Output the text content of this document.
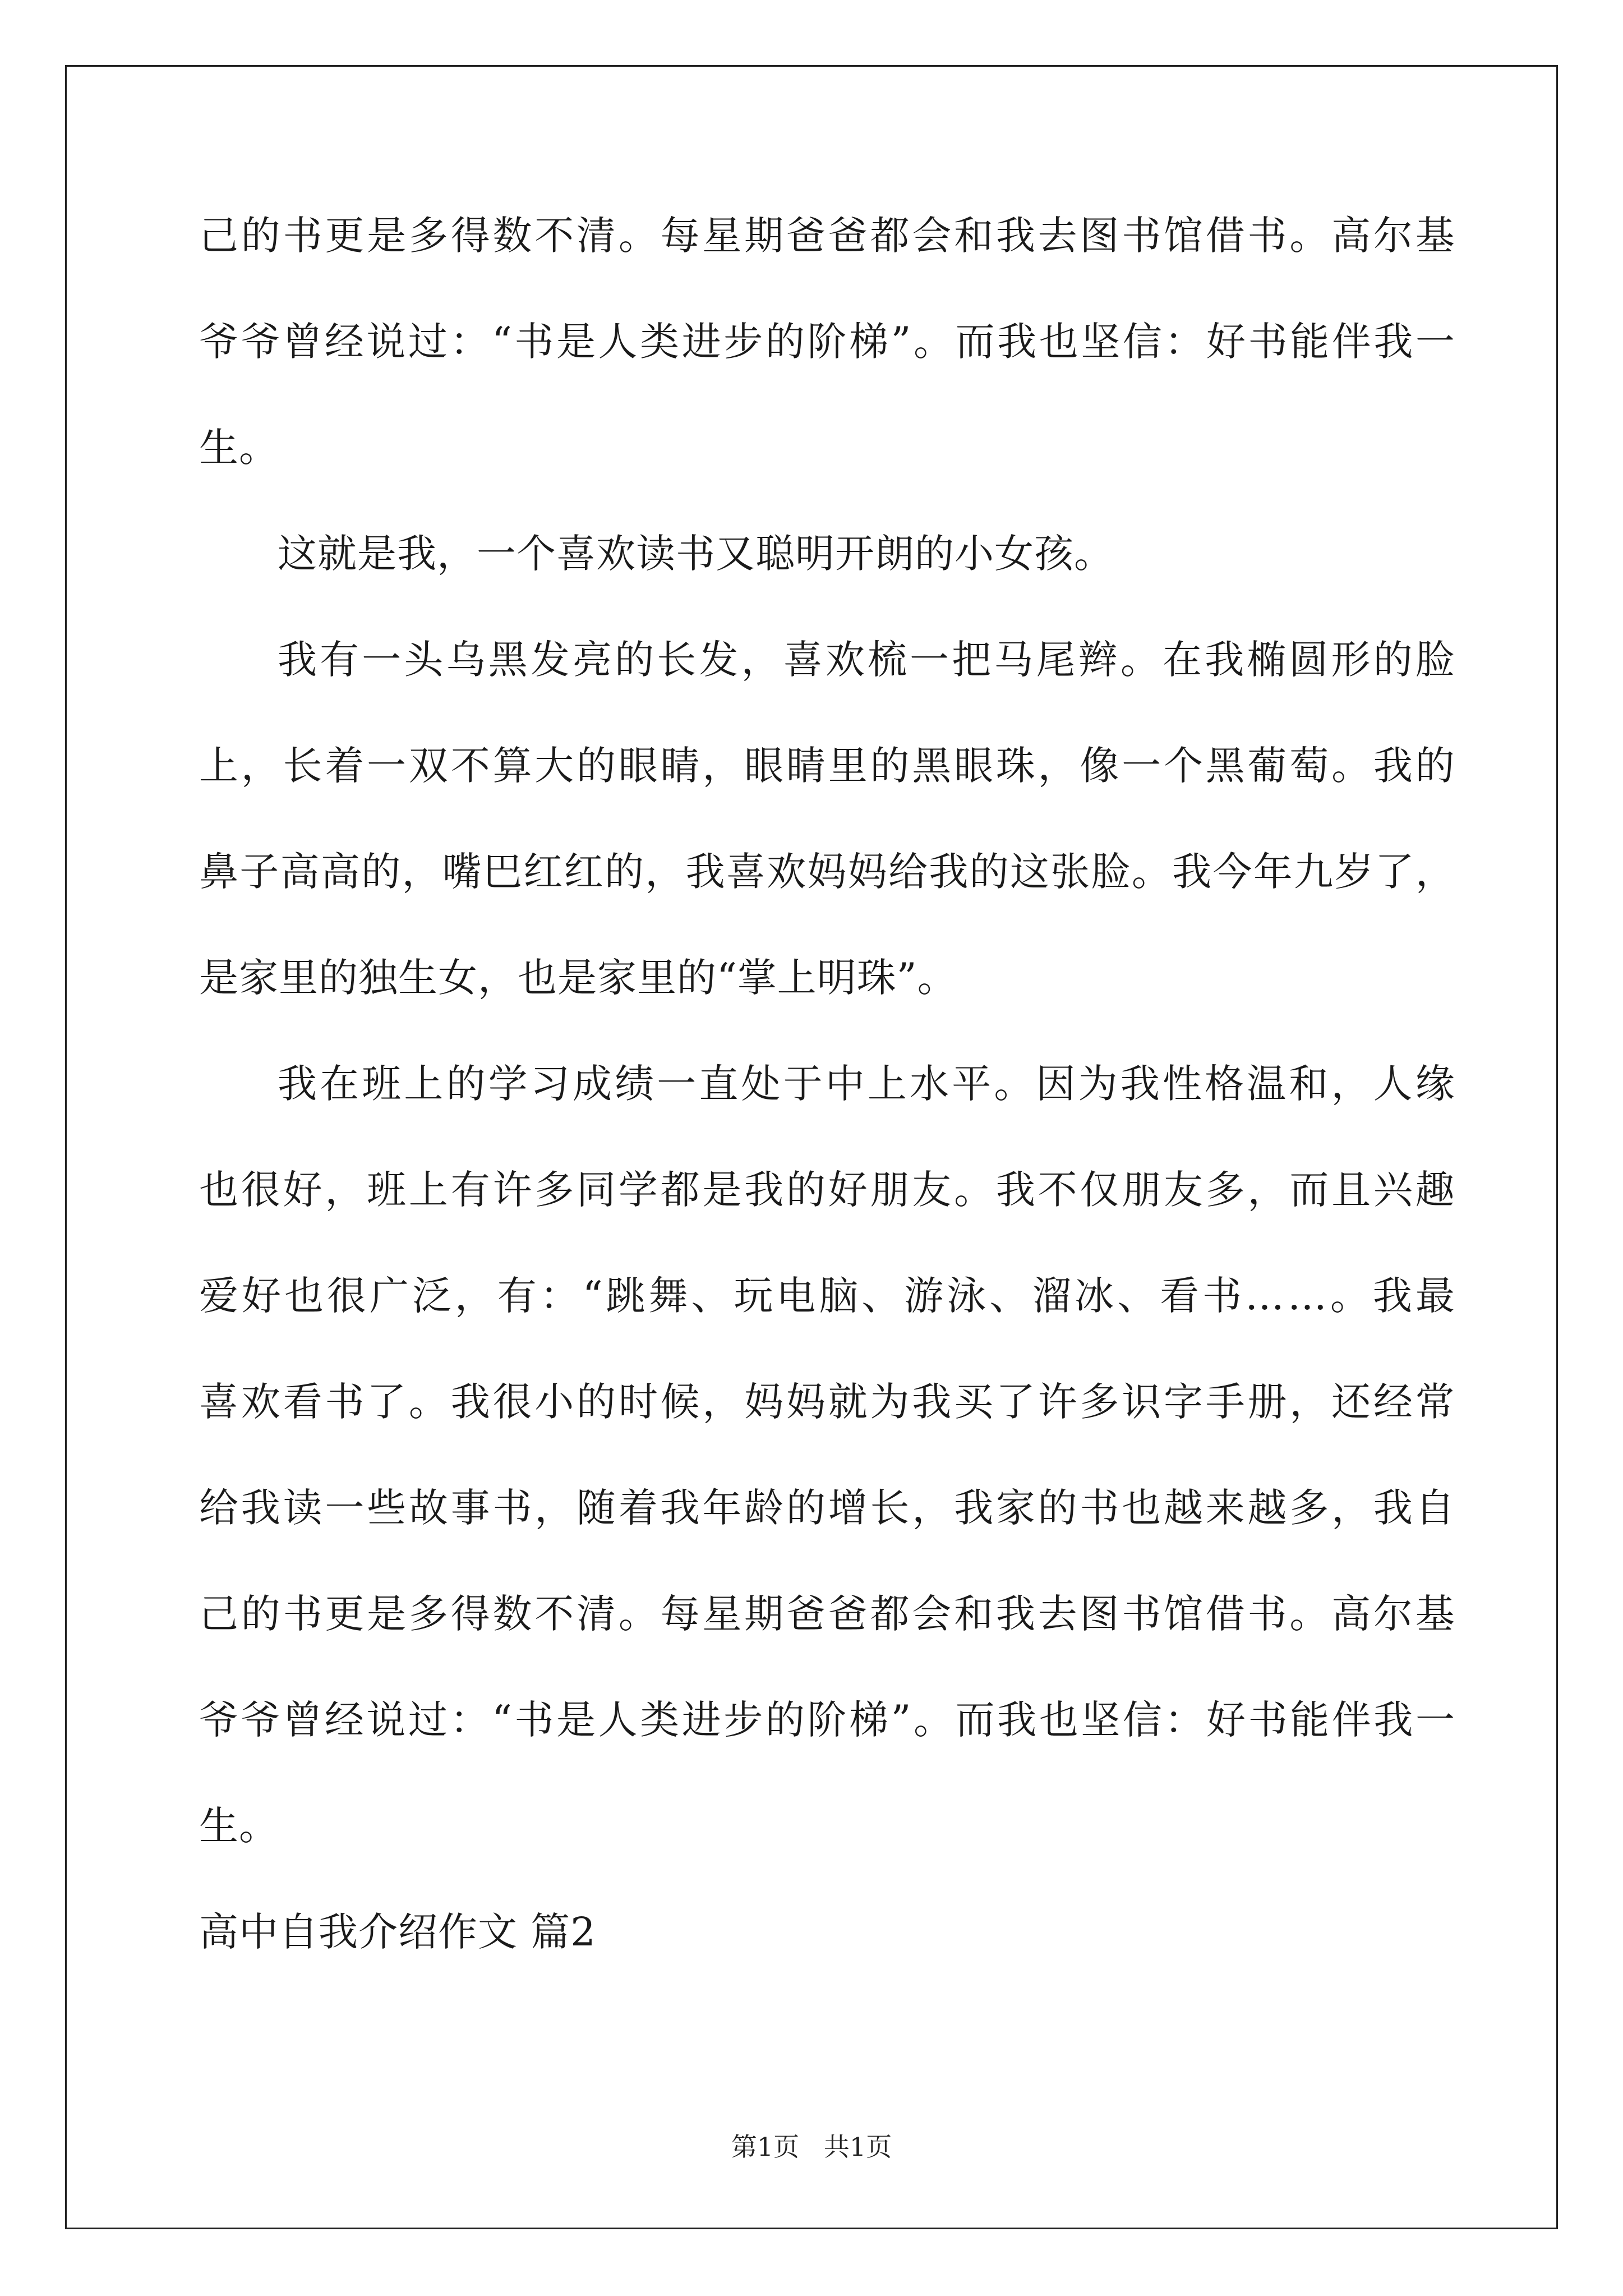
己 的 书 更 是 多 得 数 不 清 。 每 星 期 爸 爸 都 会 和 我 去 图 书 馆 借 书 。 高 尔 基
爷 爷 曾 经 说 过 ： “ 书 是 人 类 进 步 的 阶 梯 ” 。 而 我 也 坚 信 ： 好 书 能 伴 我 一
生。
这就是我，一个喜欢读书又聪明开朗的小女孩。
我 有 一 头 乌 黑 发 亮 的 长 发 ， 喜 欢 梳 一 把 马 尾 辫 。 在 我 椭 圆 形 的 脸
上 ， 长 着 一 双 不 算 大 的 眼 睛 ， 眼 睛 里 的 黑 眼 珠 ， 像 一 个 黑 葡 萄 。 我 的
鼻 子 高 高 的 ， 嘴 巴 红 红 的 ， 我 喜 欢 妈 妈 给 我 的 这 张 脸 。 我 今 年 九 岁 了 ，
是家里的独生女，也是家里的“掌上明珠”。
我 在 班 上 的 学 习 成 绩 一 直 处 于 中 上 水 平 。 因 为 我 性 格 温 和 ， 人 缘
也 很 好 ， 班 上 有 许 多 同 学 都 是 我 的 好 朋 友 。 我 不 仅 朋 友 多 ， 而 且 兴 趣
爱 好 也 很 广 泛 ， 有 ： “ 跳 舞 、 玩 电 脑 、 游 泳 、 溜 冰 、 看 书 … … 。 我 最
喜 欢 看 书 了 。 我 很 小 的 时 候 ， 妈 妈 就 为 我 买 了 许 多 识 字 手 册 ， 还 经 常
给 我 读 一 些 故 事 书 ， 随 着 我 年 龄 的 增 长 ， 我 家 的 书 也 越 来 越 多 ， 我 自
己 的 书 更 是 多 得 数 不 清 。 每 星 期 爸 爸 都 会 和 我 去 图 书 馆 借 书 。 高 尔 基
爷 爷 曾 经 说 过 ： “ 书 是 人 类 进 步 的 阶 梯 ” 。 而 我 也 坚 信 ： 好 书 能 伴 我 一
生。
高中自我介绍作文 篇2
第1页   共1页
